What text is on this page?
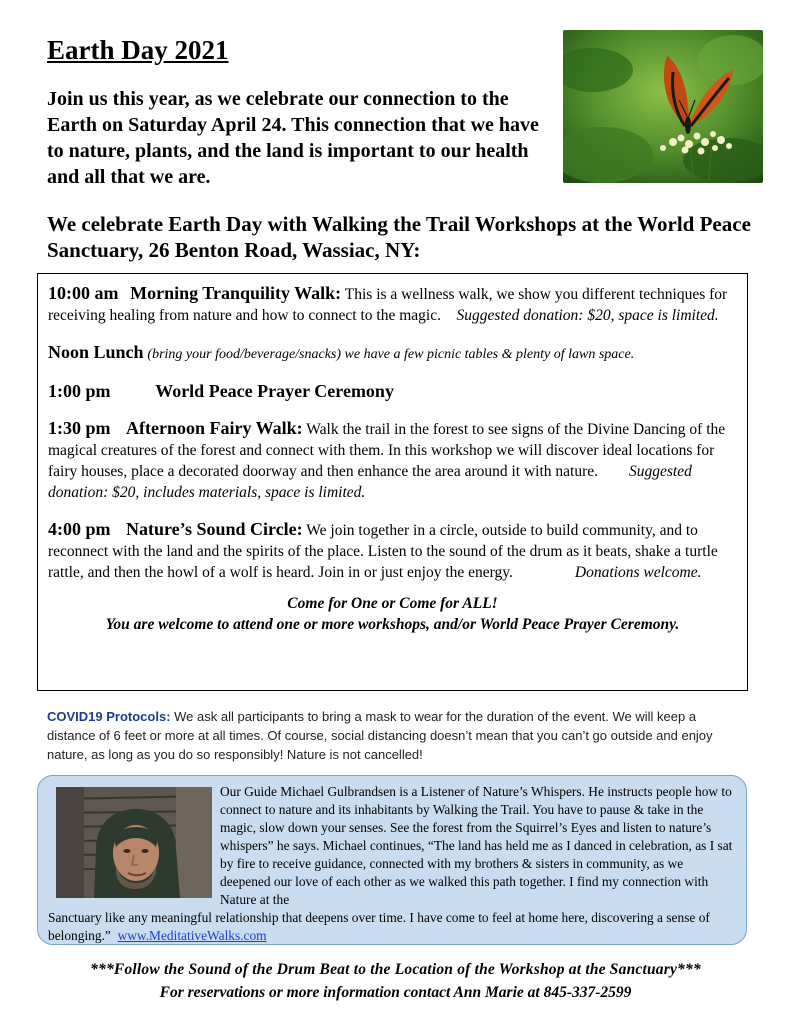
Earth Day 2021

Join us this year, as we celebrate our connection to the Earth on Saturday April 24. This connection that we have to nature, plants, and the land is important to our health and all that we are.

We celebrate Earth Day with Walking the Trail Workshops at the World Peace Sanctuary, 26 Benton Road, Wassiac, NY:

10:00 am Morning Tranquility Walk: This is a wellness walk, we show you different techniques for receiving healing from nature and how to connect to the magic. Suggested donation: $20, space is limited.

Noon Lunch (bring your food/beverage/snacks) we have a few picnic tables & plenty of lawn space.

1:00 pm World Peace Prayer Ceremony

1:30 pm Afternoon Fairy Walk: Walk the trail in the forest to see signs of the Divine Dancing of the magical creatures of the forest and connect with them. In this workshop we will discover ideal locations for fairy houses, place a decorated doorway and then enhance the area around it with nature. Suggested donation: $20, includes materials, space is limited.

4:00 pm Nature’s Sound Circle: We join together in a circle, outside to build community, and to reconnect with the land and the spirits of the place. Listen to the sound of the drum as it beats, shake a turtle rattle, and then the howl of a wolf is heard. Join in or just enjoy the energy.	Donations welcome.

Come for One or Come for ALL!

You are welcome to attend one or more workshops, and/or World Peace Prayer Ceremony.

COVID19 Protocols: We ask all participants to bring a mask to wear for the duration of the event. We will keep a distance of 6 feet or more at all times. Of course, social distancing doesn’t mean that you can’t go outside and enjoy nature, as long as you do so responsibly! Nature is not cancelled!

Our Guide Michael Gulbrandsen is a Listener of Nature’s Whispers. He instructs people how to connect to nature and its inhabitants by Walking the Trail. You have to pause & take in the magic, slow down your senses. See the forest from the Squirrel’s Eyes and listen to nature’s whispers” he says. Michael continues, “The land has held me as I danced in celebration, as I sat by fire to receive guidance, connected with my brothers & sisters in community, as we deepened our love of each other as we walked this path together. I find my connection with Nature at the

Sanctuary like any meaningful relationship that deepens over time. I have come to feel at home here, discovering a sense of belonging.” www.MeditativeWalks.com

***Follow the Sound of the Drum Beat to the Location of the Workshop at the Sanctuary***

For reservations or more information contact Ann Marie at 845-337-2599
